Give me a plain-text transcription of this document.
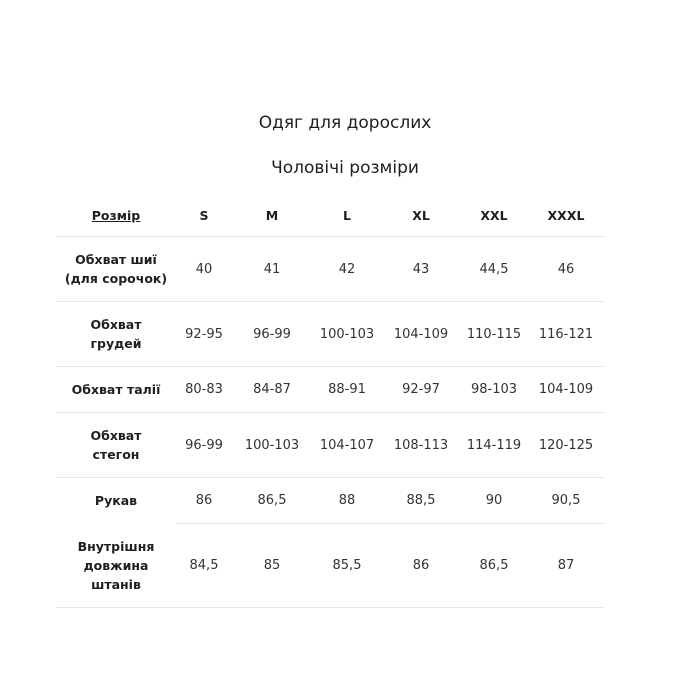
Одяг для дорослих
Чоловічі розміри
Розмір	S	M	L	XL	XXL	XXXL
Обхват шиї
(для сорочок)	40	41	42	43	44,5	46
Обхват
грудей	92-95	96-99	100-103	104-109	110-115	116-121
Обхват талії	80-83	84-87	88-91	92-97	98-103	104-109
Обхват
стегон	96-99	100-103	104-107	108-113	114-119	120-125
Рукав	86	86,5	88	88,5	90	90,5
Внутрішня
довжина
штанів	84,5	85	85,5	86	86,5	87
